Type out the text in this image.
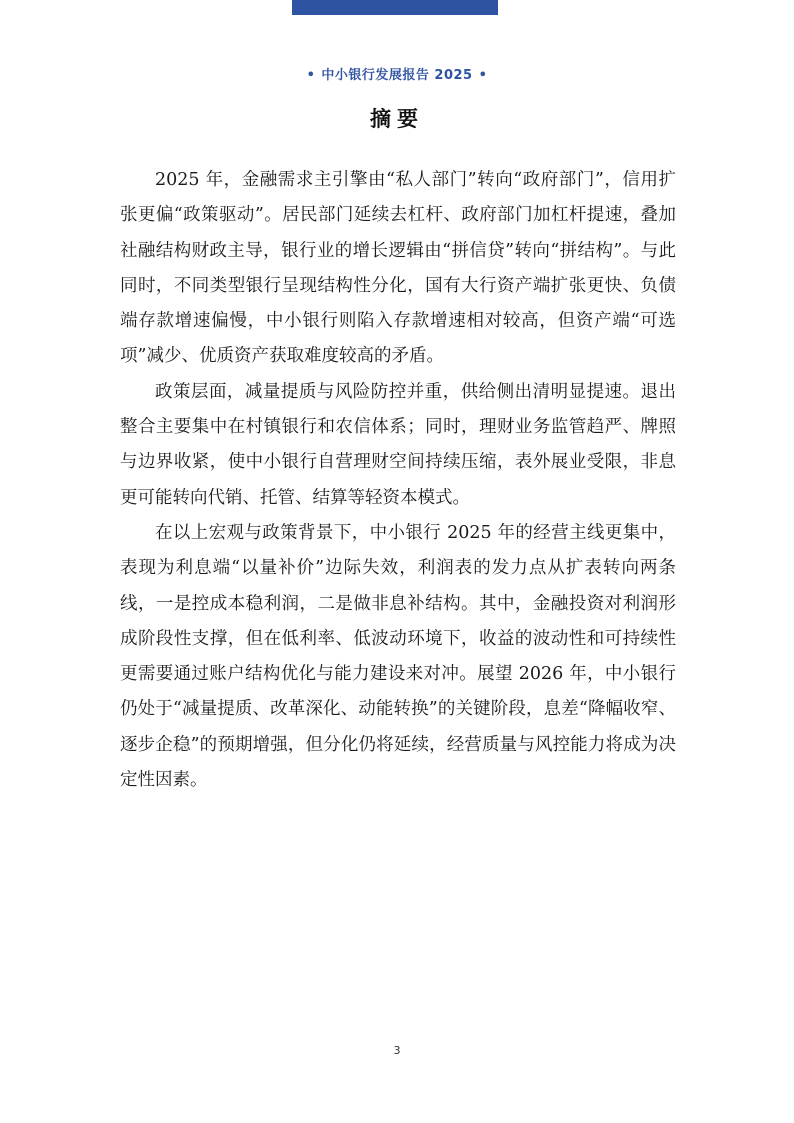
• 中小银行发展报告 2025 •
摘要

2025 年，金融需求主引擎由“私人部门”转向“政府部门”，信用扩张更偏“政策驱动”。居民部门延续去杠杆、政府部门加杠杆提速，叠加社融结构财政主导，银行业的增长逻辑由“拼信贷”转向“拼结构”。与此同时，不同类型银行呈现结构性分化，国有大行资产端扩张更快、负债端存款增速偏慢，中小银行则陷入存款增速相对较高，但资产端“可选项”减少、优质资产获取难度较高的矛盾。

政策层面，减量提质与风险防控并重，供给侧出清明显提速。退出整合主要集中在村镇银行和农信体系；同时，理财业务监管趋严、牌照与边界收紧，使中小银行自营理财空间持续压缩，表外展业受限，非息更可能转向代销、托管、结算等轻资本模式。

在以上宏观与政策背景下，中小银行 2025 年的经营主线更集中，表现为利息端“以量补价”边际失效，利润表的发力点从扩表转向两条线，一是控成本稳利润，二是做非息补结构。其中，金融投资对利润形成阶段性支撑，但在低利率、低波动环境下，收益的波动性和可持续性更需要通过账户结构优化与能力建设来对冲。展望 2026 年，中小银行仍处于“减量提质、改革深化、动能转换”的关键阶段，息差“降幅收窄、逐步企稳”的预期增强，但分化仍将延续，经营质量与风控能力将成为决定性因素。

3
